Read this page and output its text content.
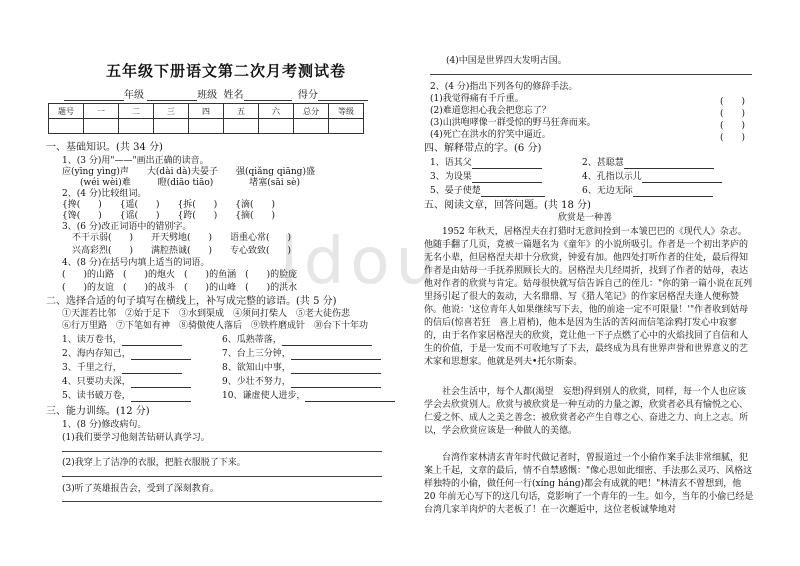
ldou
五年级下册语文第二次月考测试卷
年级	班级 姓名	得分
题号	一	二	三	四	五	六	总分	等级

一、基础知识。(共 34 分)
1、(3 分)用"——"画出正确的读音。
应(yīng yìng)声　　大(dài dà)夫晏子　　强(qiǎng qiāng)盛
　　(wéi wèi)难　　　瞪(diāo tiāo)　　　　堵塞(sāi sè)
2、(4 分)比较组词。
{搀(　　)　　{遥(　　)　　{拆(　　)　　{滴(　　)
{馋(　　)　　{谣(　　)　　{跨(　　)　　{摘(　　)
3、(6 分)改正词语中的错别字。
不干示弱(　　)　　开天劈地(　　)　　语重心常(　　)
兴高彩烈(　　)　　满腔热诚(　　)　　专心致致(　　)
4、(8 分)在括号内填上适当的词语。
(　　)的山路　(　　)的炮火　(　　)的鱼涵　(　　)的脸庞
(　　)的友谊　(　　)的战斗　(　　)的山峰　(　　)的洪水
二、选择合适的句子填写在横线上，补写成完整的谚语。(共 5 分)
①天涯若比邻　②始于足下　③水到渠成　④须问打柴人　⑤老大徒伤悲
⑥行万里路　⑦下笔如有神　⑧骑傲使人落后　⑨铁杵磨成针　⑩台下十年功
1、读万卷书，
2、海内存知己，
3、千里之行，
4、只要功夫深，
5、读书破万卷，
6、瓜熟蒂落，
7、台上三分钟，
8、欲知山中事，
9、少壮不努力，
10、谦虚使人进步，
三、能力训练。(12 分)
1、(8 分)修改病句。
(1)我们要学习他刻苦钻研认真学习。
(2)我穿上了洁净的衣服，把脏衣服脱了下来。
(3)听了英雄报告会，受到了深刻教育。
(4)中国是世界四大发明古国。
2、(4 分)指出下列各句的修辞手法。
(1)我觉得痛有千斤重。	(　　)
(2)难道您担心我会把您忘了？	(　　)
(3)山洪咆哮像一群受惊的野马狂奔而来。	(　　)
(4)死亡在洪水的狞笑中逼近。	(　　)
四、解释带点的字。(6 分)
1、语其父	2、甚聪慧
3、为设果	4、孔指以示儿
5、晏子使楚	6、无边无际
五、阅读文章，回答问题。(共 18 分)
欣赏是一种善
1952 年秋天，居格涅夫在打猎时无意间捡到一本皱巴巴的《现代人》杂志。他随手翻了几页，竟被一篇题名为《童年》的小说所吸引。作者是一个初出茅庐的无名小辈，但居格涅夫却十分欣赏，钟爱有加。他四处打听作者的住处，最后得知作者是由姑母一手抚养照顾长大的。居格涅夫几经周折，找到了作者的姑母，表达他对作者的欣赏与肯定。姑母很快就写信告诉自己的侄儿："你的第一篇小说在瓦列里扬引起了很大的轰动，大名鼎鼎、写《猎人笔记》的作家居格涅夫逢人便称赞你。他说：'这位青年人如果继续写下去，他的前途一定不可限量！'"作者收到姑母的信后(惊喜若狂　喜上眉梢)，他本是因为生活的苦闷而信笔涂鸦打发心中寂寥的，由于名作家居格涅夫的欣赏，竟让他一下子点燃了心中的火焰找回了自信和人生的价值，于是一发而不可收地写了下去，最终成为具有世界声誉和世界意义的艺术家和思想家。他就是列夫•托尔斯泰。
社会生活中，每个人都(渴望　妄想)得到别人的欣赏，同样，每一个人也应该学会去欣赏别人。欣赏与被欣赏是一种互动的力量之源，欣赏者必具有愉悦之心、仁爱之怀、成人之美之善念；被欣赏者必产生自尊之心、奋进之力、向上之志。所以，学会欣赏应该是一种做人的美德。
台湾作家林清玄青年时代做记者时，曾报道过一个小偷作案手法非常细腻，犯案上千起，文章的最后，情不自禁感慨："像心思如此细密、手法那么灵巧、风格这样独特的小偷，做任何一行(xíng háng)都会有成就的吧！"林清玄不曾想到，他 20 年前无心写下的这几句话，竟影响了一个青年的一生。如今，当年的小偷已经是台湾几家羊肉炉的大老板了！在一次邂逅中，这位老板诚挚地对
